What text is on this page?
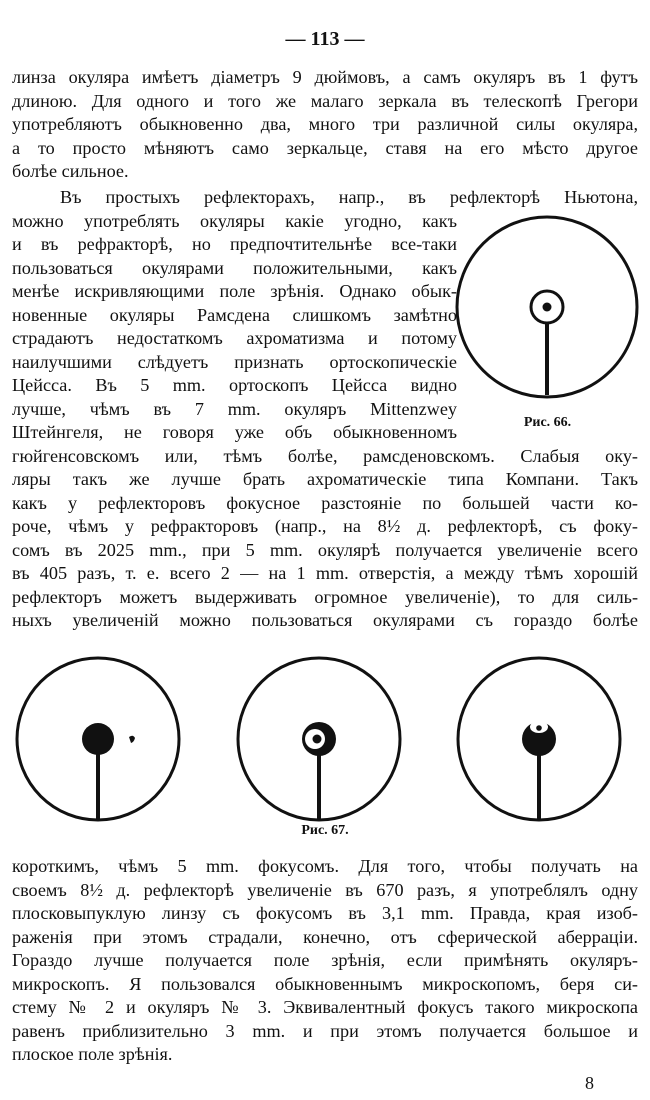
— 113 —

линза окуляра имѣетъ діаметръ 9 дюймовъ, а самъ окуляръ въ 1 футъ

длиною. Для одного и того же малаго зеркала въ телескопѣ Грегори

употребляютъ обыкновенно два, много три различной силы окуляра,

а то просто мѣняютъ само зеркальце, ставя на его мѣсто другое

болѣе сильное.

Въ простыхъ рефлекторахъ, напр., въ рефлекторѣ Ньютона,

можно употреблять окуляры какіе угодно, какъ

и въ рефракторѣ, но предпочтительнѣе все-таки

пользоваться окулярами положительными, какъ

менѣе искривляющими поле зрѣнія. Однако обык-

новенные окуляры Рамсдена слишкомъ замѣтно

страдаютъ недостаткомъ ахроматизма и потому

наилучшими слѣдуетъ признать ортоскопическіе

Цейсса. Въ 5 mm. ортоскопъ Цейсса видно

лучше, чѣмъ въ 7 mm. окуляръ Mittenzwey

Штейнгеля, не говоря уже объ обыкновенномъ

гюйгенсовскомъ или, тѣмъ болѣе, рамсденовскомъ. Слабыя оку-

ляры такъ же лучше брать ахроматическіе типа Компани. Такъ

какъ у рефлекторовъ фокусное разстояніе по большей части ко-

роче, чѣмъ у рефракторовъ (напр., на 8½ д. рефлекторѣ, съ фоку-

сомъ въ 2025 mm., при 5 mm. окулярѣ получается увеличеніе всего

въ 405 разъ, т. е. всего 2 — на 1 mm. отверстія, а между тѣмъ хорошій

рефлекторъ можетъ выдерживать огромное увеличеніе), то для силь-

ныхъ увеличеній можно пользоваться окулярами съ гораздо болѣе

Рис. 66.
Рис. 67.

короткимъ, чѣмъ 5 mm. фокусомъ. Для того, чтобы получать на

своемъ 8½ д. рефлекторѣ увеличеніе въ 670 разъ, я употреблялъ одну

плосковыпуклую линзу съ фокусомъ въ 3,1 mm. Правда, края изоб-

раженія при этомъ страдали, конечно, отъ сферической аберраціи.

Гораздо лучше получается поле зрѣнія, если примѣнять окуляръ-

микроскопъ. Я пользовался обыкновеннымъ микроскопомъ, беря си-

стему № 2 и окуляръ № 3. Эквивалентный фокусъ такого микроскопа

равенъ приблизительно 3 mm. и при этомъ получается большое и

плоское поле зрѣнія.

8
